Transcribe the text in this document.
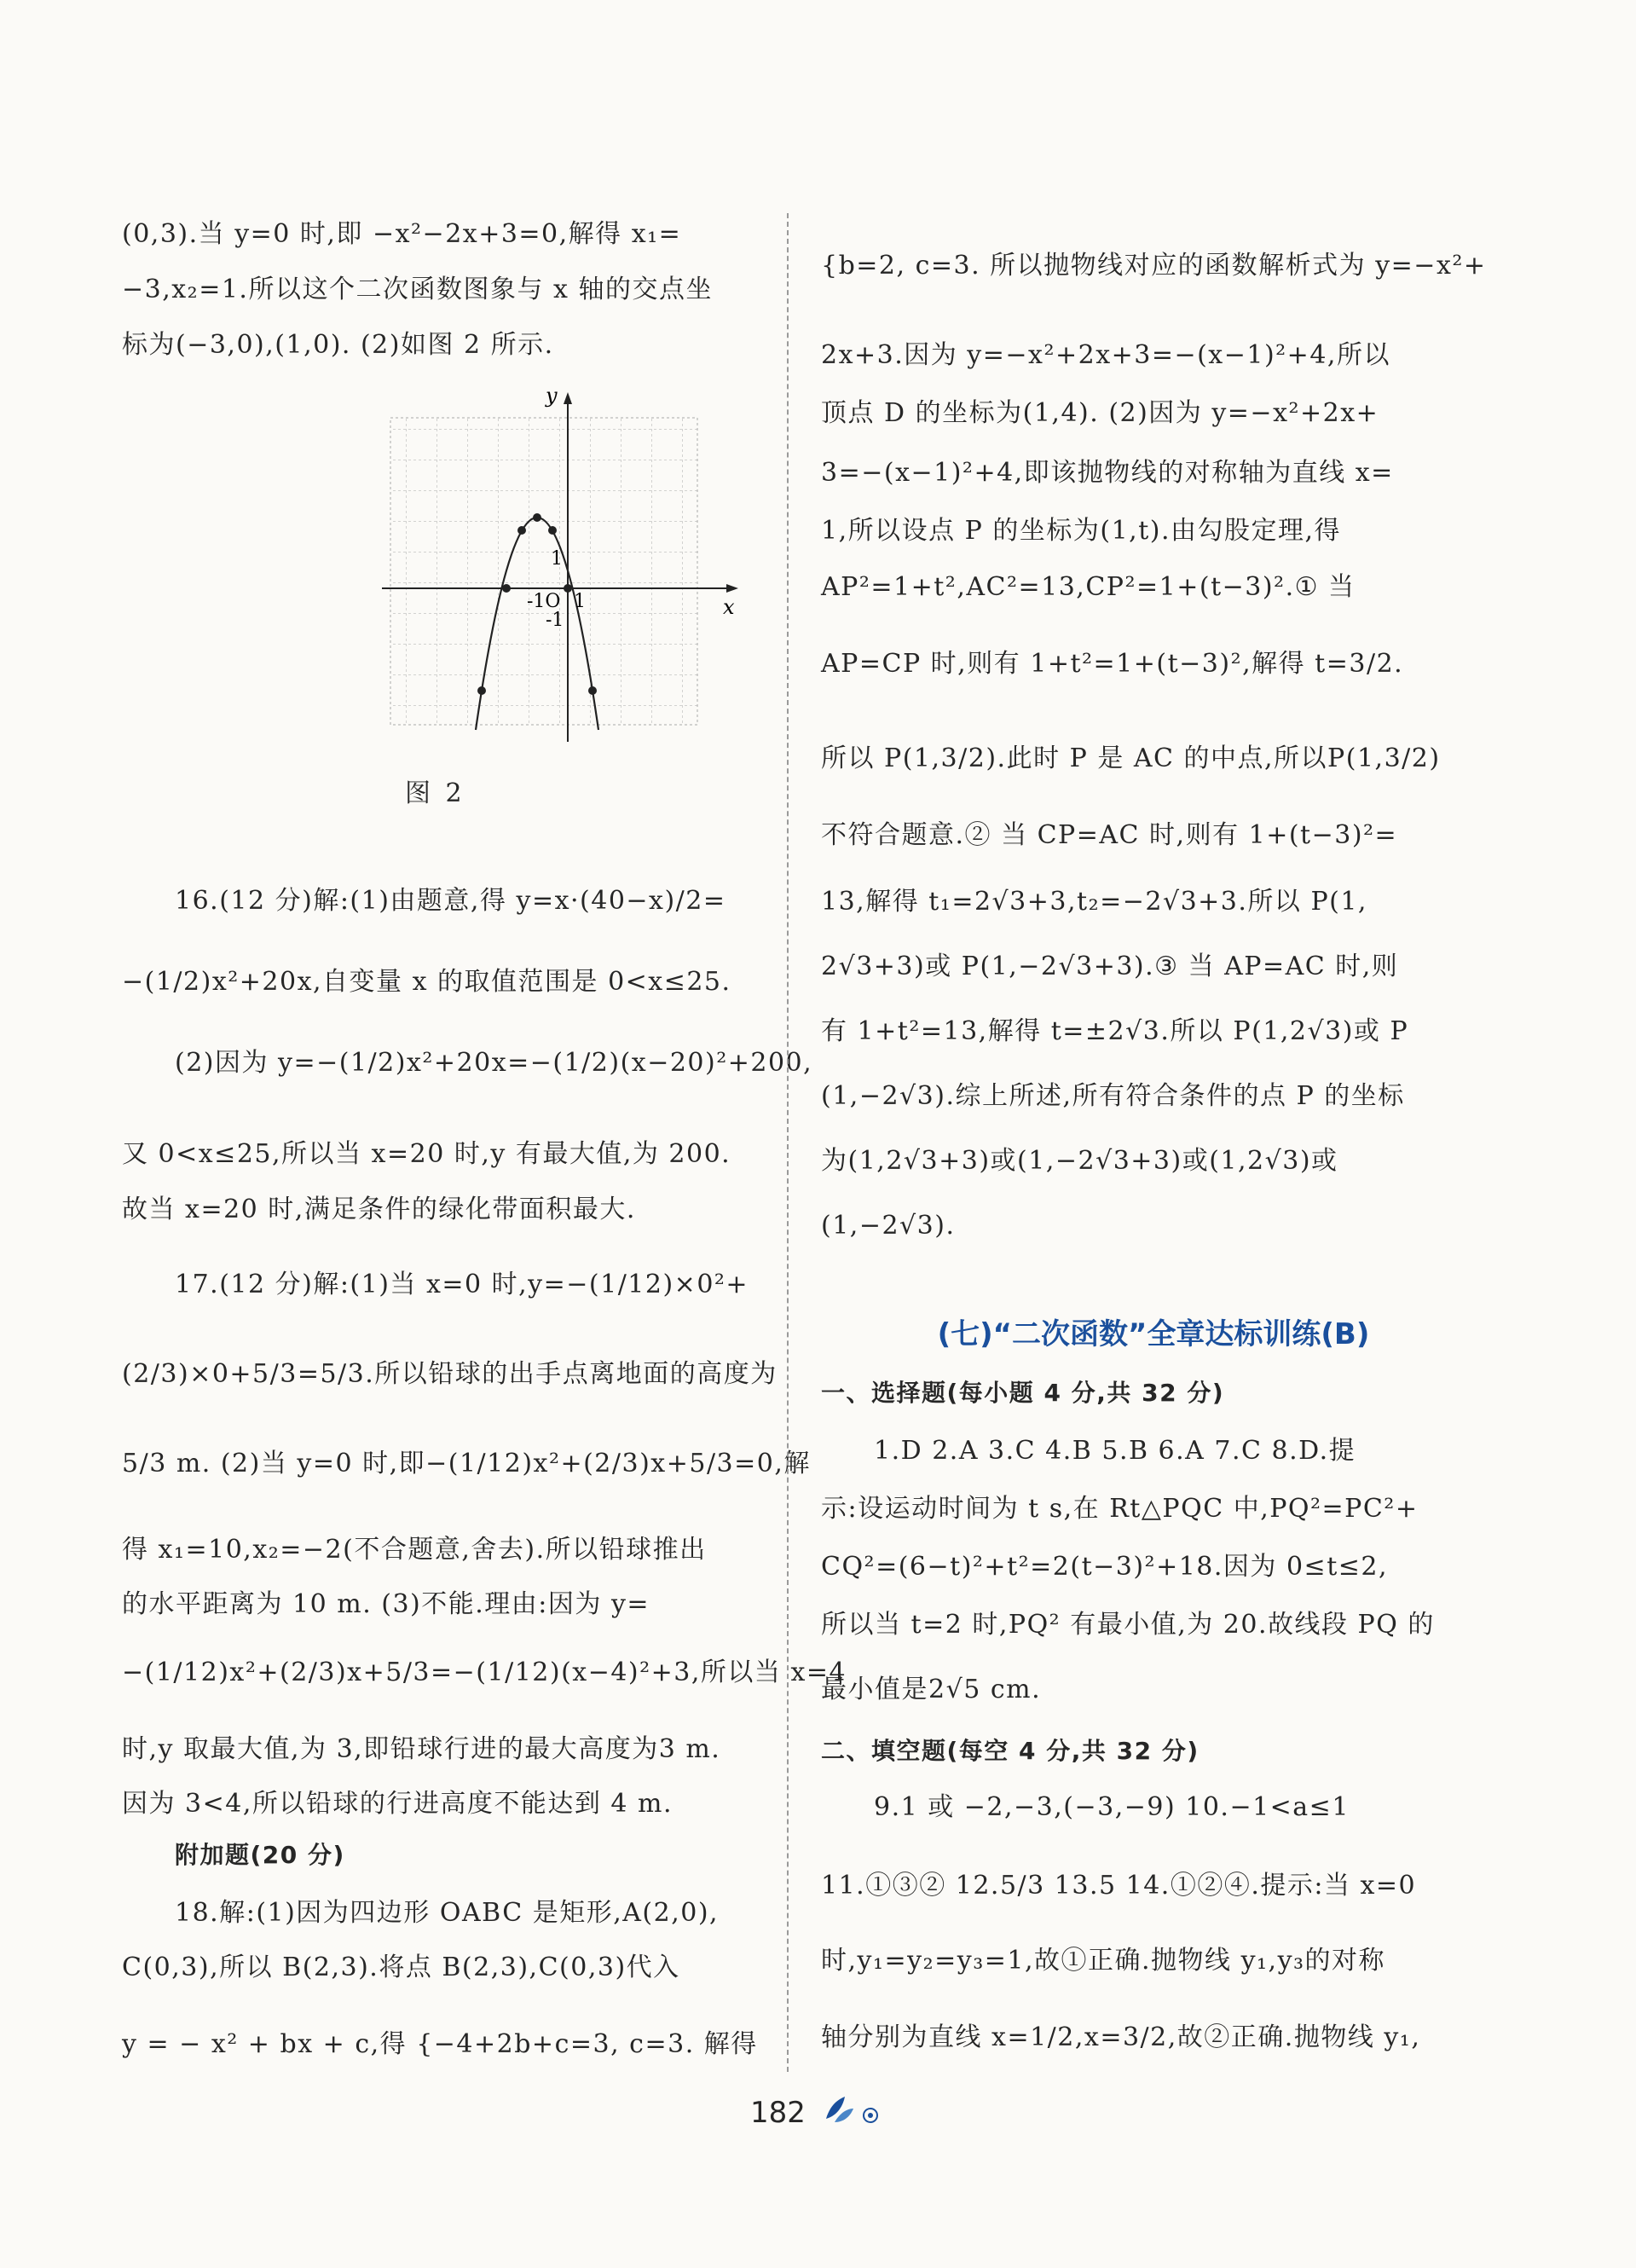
(0,3).当 y=0 时,即 −x²−2x+3=0,解得 x₁=
−3,x₂=1.所以这个二次函数图象与 x 轴的交点坐
标为(−3,0),(1,0). (2)如图 2 所示.
y
x
-1O 1
1
-1
图 2
16.(12 分)解:(1)由题意,得 y=x·(40−x)/2=
−(1/2)x²+20x,自变量 x 的取值范围是 0<x≤25.
(2)因为 y=−(1/2)x²+20x=−(1/2)(x−20)²+200,
又 0<x≤25,所以当 x=20 时,y 有最大值,为 200.
故当 x=20 时,满足条件的绿化带面积最大.
17.(12 分)解:(1)当 x=0 时,y=−(1/12)×0²+
(2/3)×0+5/3=5/3.所以铅球的出手点离地面的高度为
5/3 m. (2)当 y=0 时,即−(1/12)x²+(2/3)x+5/3=0,解
得 x₁=10,x₂=−2(不合题意,舍去).所以铅球推出
的水平距离为 10 m. (3)不能.理由:因为 y=
−(1/12)x²+(2/3)x+5/3=−(1/12)(x−4)²+3,所以当 x=4
时,y 取最大值,为 3,即铅球行进的最大高度为3 m.
因为 3<4,所以铅球的行进高度不能达到 4 m.
附加题(20 分)
18.解:(1)因为四边形 OABC 是矩形,A(2,0),
C(0,3),所以 B(2,3).将点 B(2,3),C(0,3)代入
y = − x² + bx + c,得 {−4+2b+c=3, c=3. 解得
{b=2, c=3. 所以抛物线对应的函数解析式为 y=−x²+
2x+3.因为 y=−x²+2x+3=−(x−1)²+4,所以
顶点 D 的坐标为(1,4). (2)因为 y=−x²+2x+
3=−(x−1)²+4,即该抛物线的对称轴为直线 x=
1,所以设点 P 的坐标为(1,t).由勾股定理,得
AP²=1+t²,AC²=13,CP²=1+(t−3)².① 当
AP=CP 时,则有 1+t²=1+(t−3)²,解得 t=3/2.
所以 P(1,3/2).此时 P 是 AC 的中点,所以P(1,3/2)
不符合题意.② 当 CP=AC 时,则有 1+(t−3)²=
13,解得 t₁=2√3+3,t₂=−2√3+3.所以 P(1,
2√3+3)或 P(1,−2√3+3).③ 当 AP=AC 时,则
有 1+t²=13,解得 t=±2√3.所以 P(1,2√3)或 P
(1,−2√3).综上所述,所有符合条件的点 P 的坐标
为(1,2√3+3)或(1,−2√3+3)或(1,2√3)或
(1,−2√3).
(七)“二次函数”全章达标训练(B)
一、选择题(每小题 4 分,共 32 分)
1.D 2.A 3.C 4.B 5.B 6.A 7.C 8.D.提
示:设运动时间为 t s,在 Rt△PQC 中,PQ²=PC²+
CQ²=(6−t)²+t²=2(t−3)²+18.因为 0≤t≤2,
所以当 t=2 时,PQ² 有最小值,为 20.故线段 PQ 的
最小值是2√5 cm.
二、填空题(每空 4 分,共 32 分)
9.1 或 −2,−3,(−3,−9) 10.−1<a≤1
11.①③② 12.5/3 13.5 14.①②④.提示:当 x=0
时,y₁=y₂=y₃=1,故①正确.抛物线 y₁,y₃的对称
轴分别为直线 x=1/2,x=3/2,故②正确.抛物线 y₁,
182
